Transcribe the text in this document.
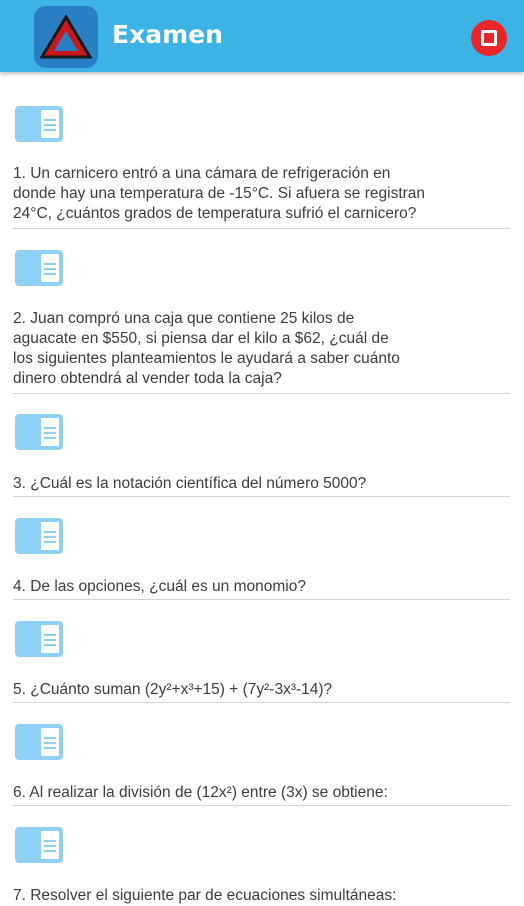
Examen
1. Un carnicero entró a una cámara de refrigeración en
donde hay una temperatura de -15°C. Si afuera se registran
24°C, ¿cuántos grados de temperatura sufrió el carnicero?
2. Juan compró una caja que contiene 25 kilos de
aguacate en $550, si piensa dar el kilo a $62, ¿cuál de
los siguientes planteamientos le ayudará a saber cuánto
dinero obtendrá al vender toda la caja?
3. ¿Cuál es la notación científica del número 5000?
4. De las opciones, ¿cuál es un monomio?
5. ¿Cuánto suman (2y²+x³+15) + (7y²-3x³-14)?
6. Al realizar la división de (12x²) entre (3x) se obtiene:
7. Resolver el siguiente par de ecuaciones simultáneas:
